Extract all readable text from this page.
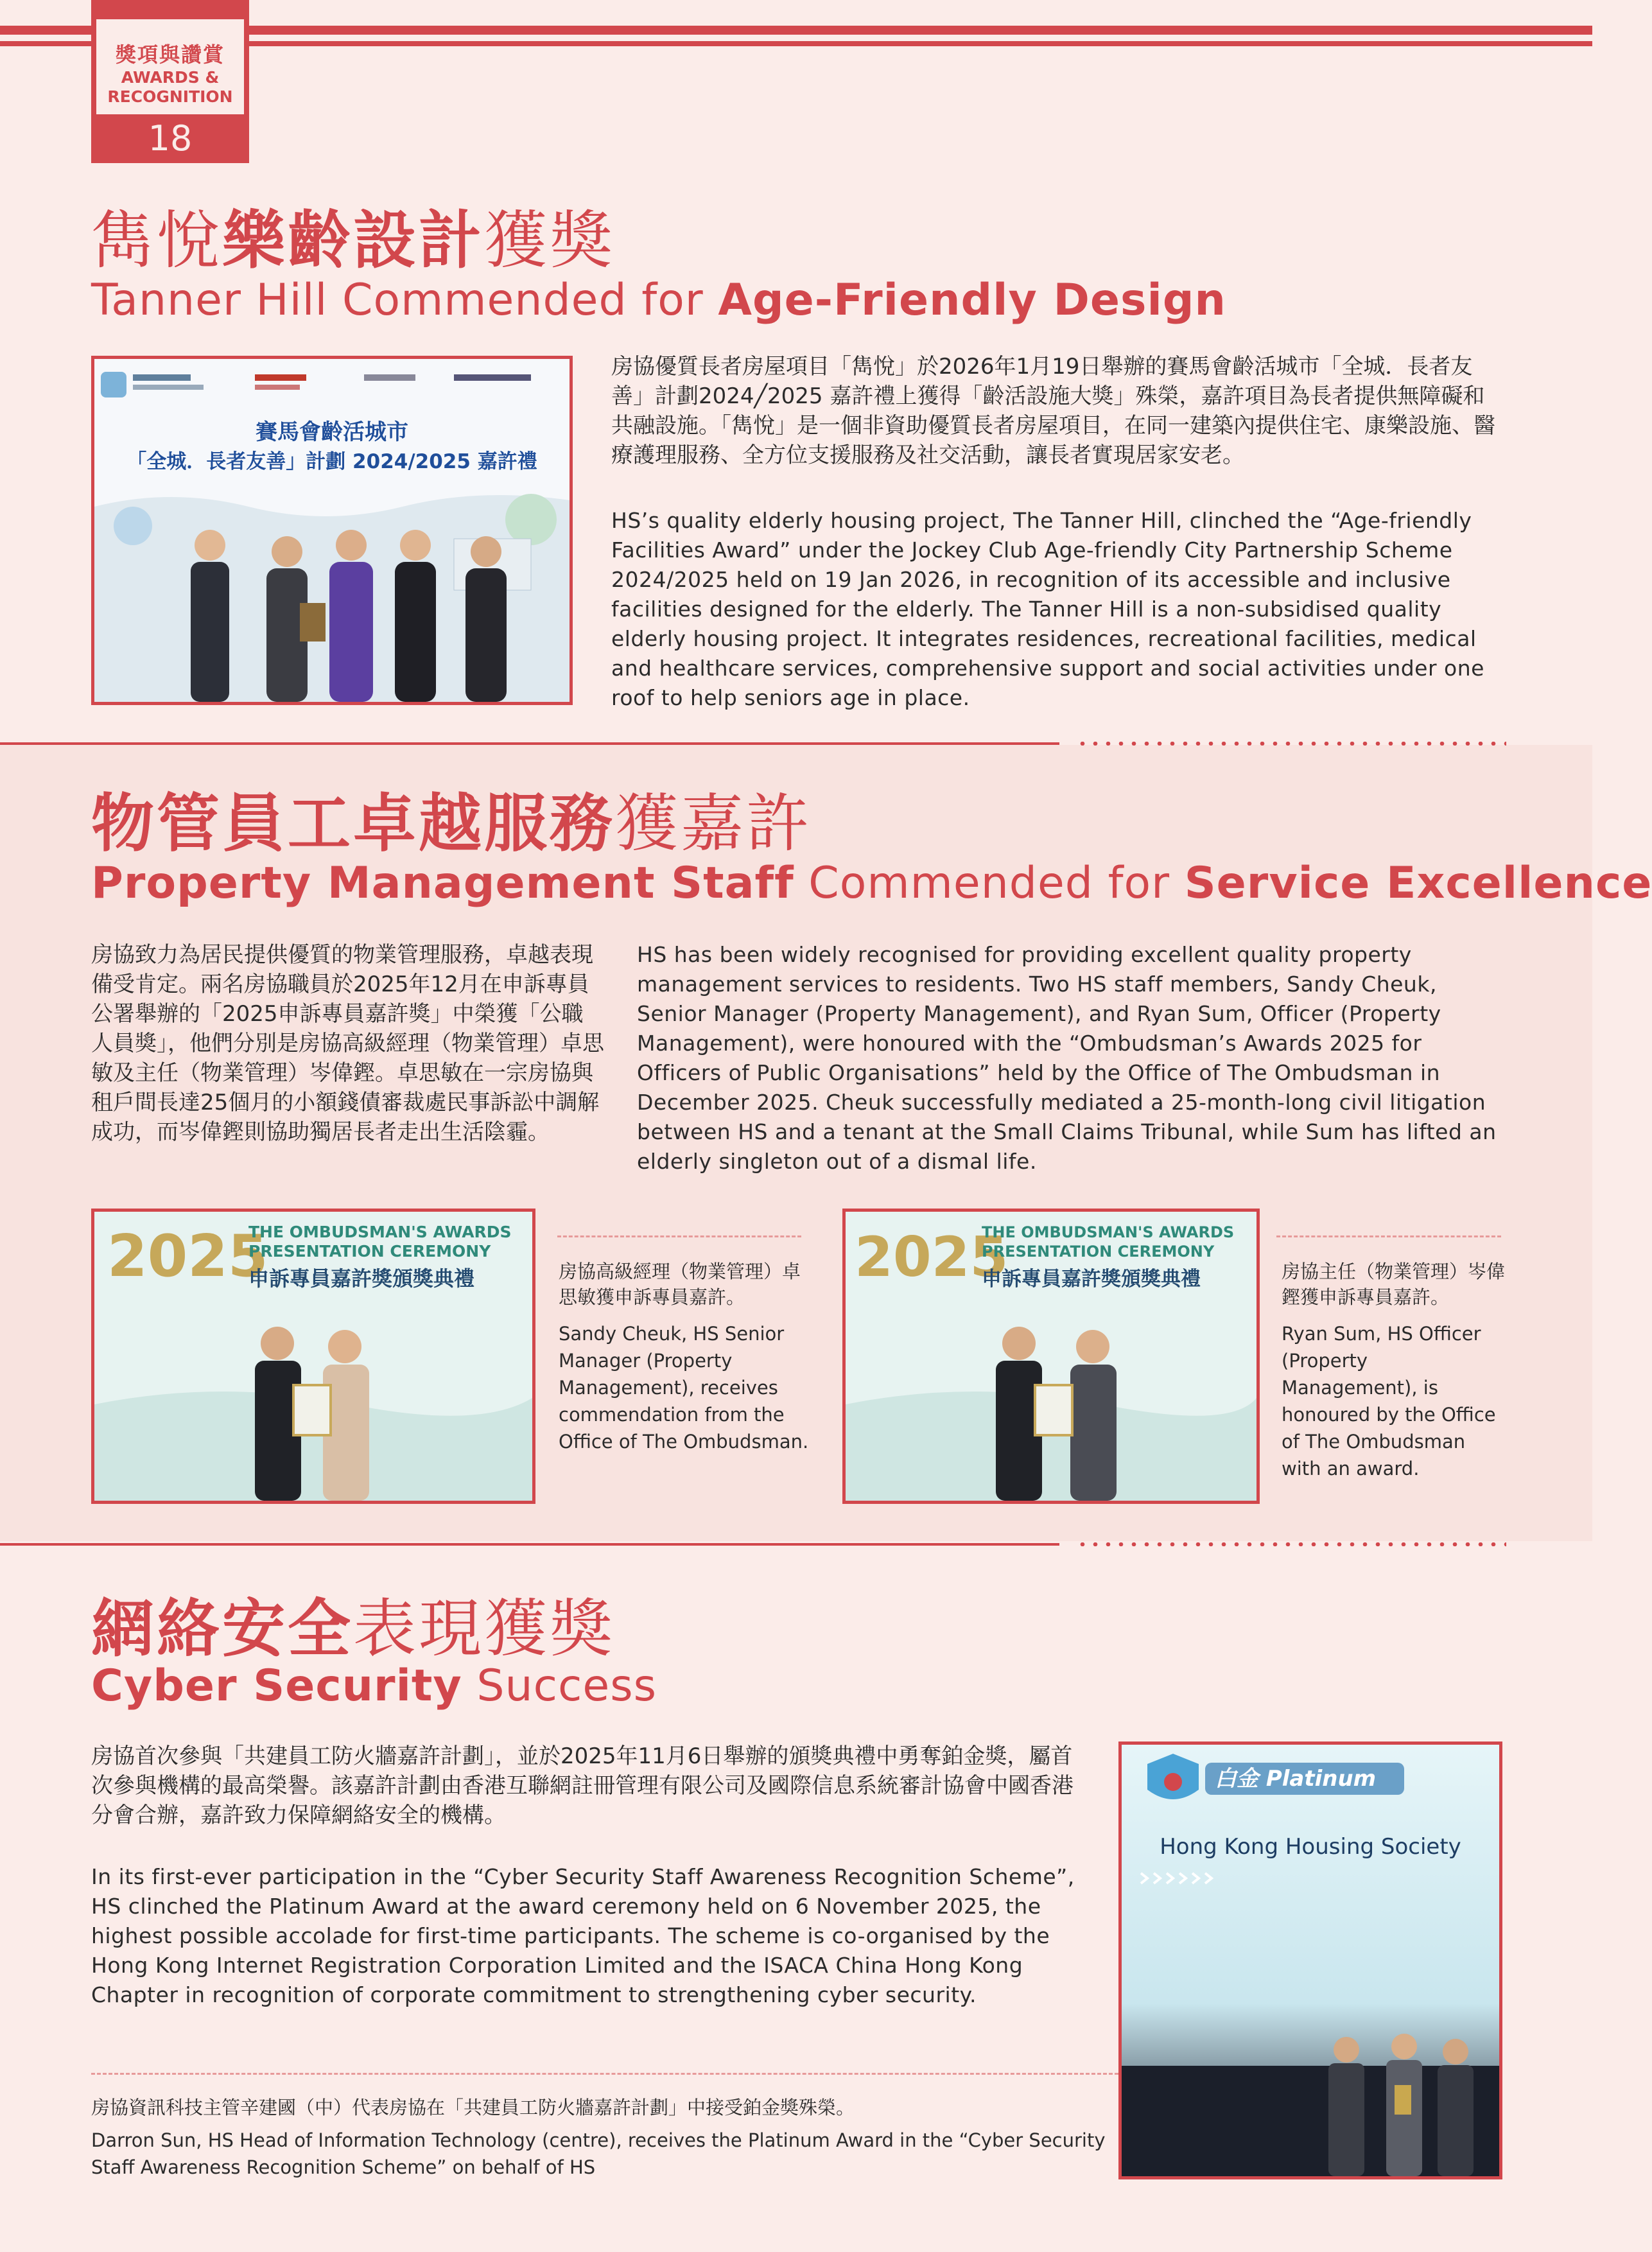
獎項與讚賞
AWARDS &
RECOGNITION
18
雋悅樂齡設計獲獎
Tanner Hill Commended for Age-Friendly Design
賽馬會齡活城市
「全城．長者友善」計劃 2024/2025 嘉許禮
房協優質長者房屋項目「雋悅」於2026年1月19日舉辦的賽馬會齡活城市「全城．長者友善」計劃2024╱2025 嘉許禮上獲得「齡活設施大獎」殊榮，嘉許項目為長者提供無障礙和共融設施。「雋悅」是一個非資助優質長者房屋項目，在同一建築內提供住宅、康樂設施、醫療護理服務、全方位支援服務及社交活動，讓長者實現居家安老。
HS’s quality elderly housing project, The Tanner Hill, clinched the “Age-friendly Facilities Award” under the Jockey Club Age-friendly City Partnership Scheme 2024/2025 held on 19 Jan 2026, in recognition of its accessible and inclusive facilities designed for the elderly. The Tanner Hill is a non-subsidised quality elderly housing project. It integrates residences, recreational facilities, medical and healthcare services, comprehensive support and social activities under one roof to help seniors age in place.
物管員工卓越服務獲嘉許
Property Management Staff Commended for Service Excellence
房協致力為居民提供優質的物業管理服務，卓越表現備受肯定。兩名房協職員於2025年12月在申訴專員公署舉辦的「2025申訴專員嘉許獎」中榮獲「公職人員獎」，他們分別是房協高級經理（物業管理）卓思敏及主任（物業管理）岑偉鏗。卓思敏在一宗房協與租戶間長達25個月的小額錢債審裁處民事訴訟中調解成功，而岑偉鏗則協助獨居長者走出生活陰霾。
HS has been widely recognised for providing excellent quality property management services to residents. Two HS staff members, Sandy Cheuk, Senior Manager (Property Management), and Ryan Sum, Officer (Property Management), were honoured with the “Ombudsman’s Awards 2025 for Officers of Public Organisations” held by the Office of The Ombudsman in December 2025. Cheuk successfully mediated a 25-month-long civil litigation between HS and a tenant at the Small Claims Tribunal, while Sum has lifted an elderly singleton out of a dismal life.
2025
THE OMBUDSMAN'S AWARDS
PRESENTATION CEREMONY
申訴專員嘉許獎頒獎典禮	房協高級經理（物業管理）卓思敏獲申訴專員嘉許。
Sandy Cheuk, HS Senior Manager (Property Management), receives commendation from the Office of The Ombudsman.
2025
THE OMBUDSMAN'S AWARDS
PRESENTATION CEREMONY
申訴專員嘉許獎頒獎典禮	房協主任（物業管理）岑偉鏗獲申訴專員嘉許。
Ryan Sum, HS Officer (Property Management), is honoured by the Office of The Ombudsman with an award.
網絡安全表現獲獎
Cyber Security Success
房協首次參與「共建員工防火牆嘉許計劃」，並於2025年11月6日舉辦的頒獎典禮中勇奪鉑金獎，屬首次參與機構的最高榮譽。該嘉許計劃由香港互聯網註冊管理有限公司及國際信息系統審計協會中國香港分會合辦，嘉許致力保障網絡安全的機構。
In its first-ever participation in the “Cyber Security Staff Awareness Recognition Scheme”, HS clinched the Platinum Award at the award ceremony held on 6 November 2025, the highest possible accolade for first-time participants. The scheme is co-organised by the Hong Kong Internet Registration Corporation Limited and the ISACA China Hong Kong Chapter in recognition of corporate commitment to strengthening cyber security.
房協資訊科技主管辛建國（中）代表房協在「共建員工防火牆嘉許計劃」中接受鉑金獎殊榮。
Darron Sun, HS Head of Information Technology (centre), receives the Platinum Award in the “Cyber Security Staff Awareness Recognition Scheme” on behalf of HS
白金 Platinum
Hong Kong Housing Society
